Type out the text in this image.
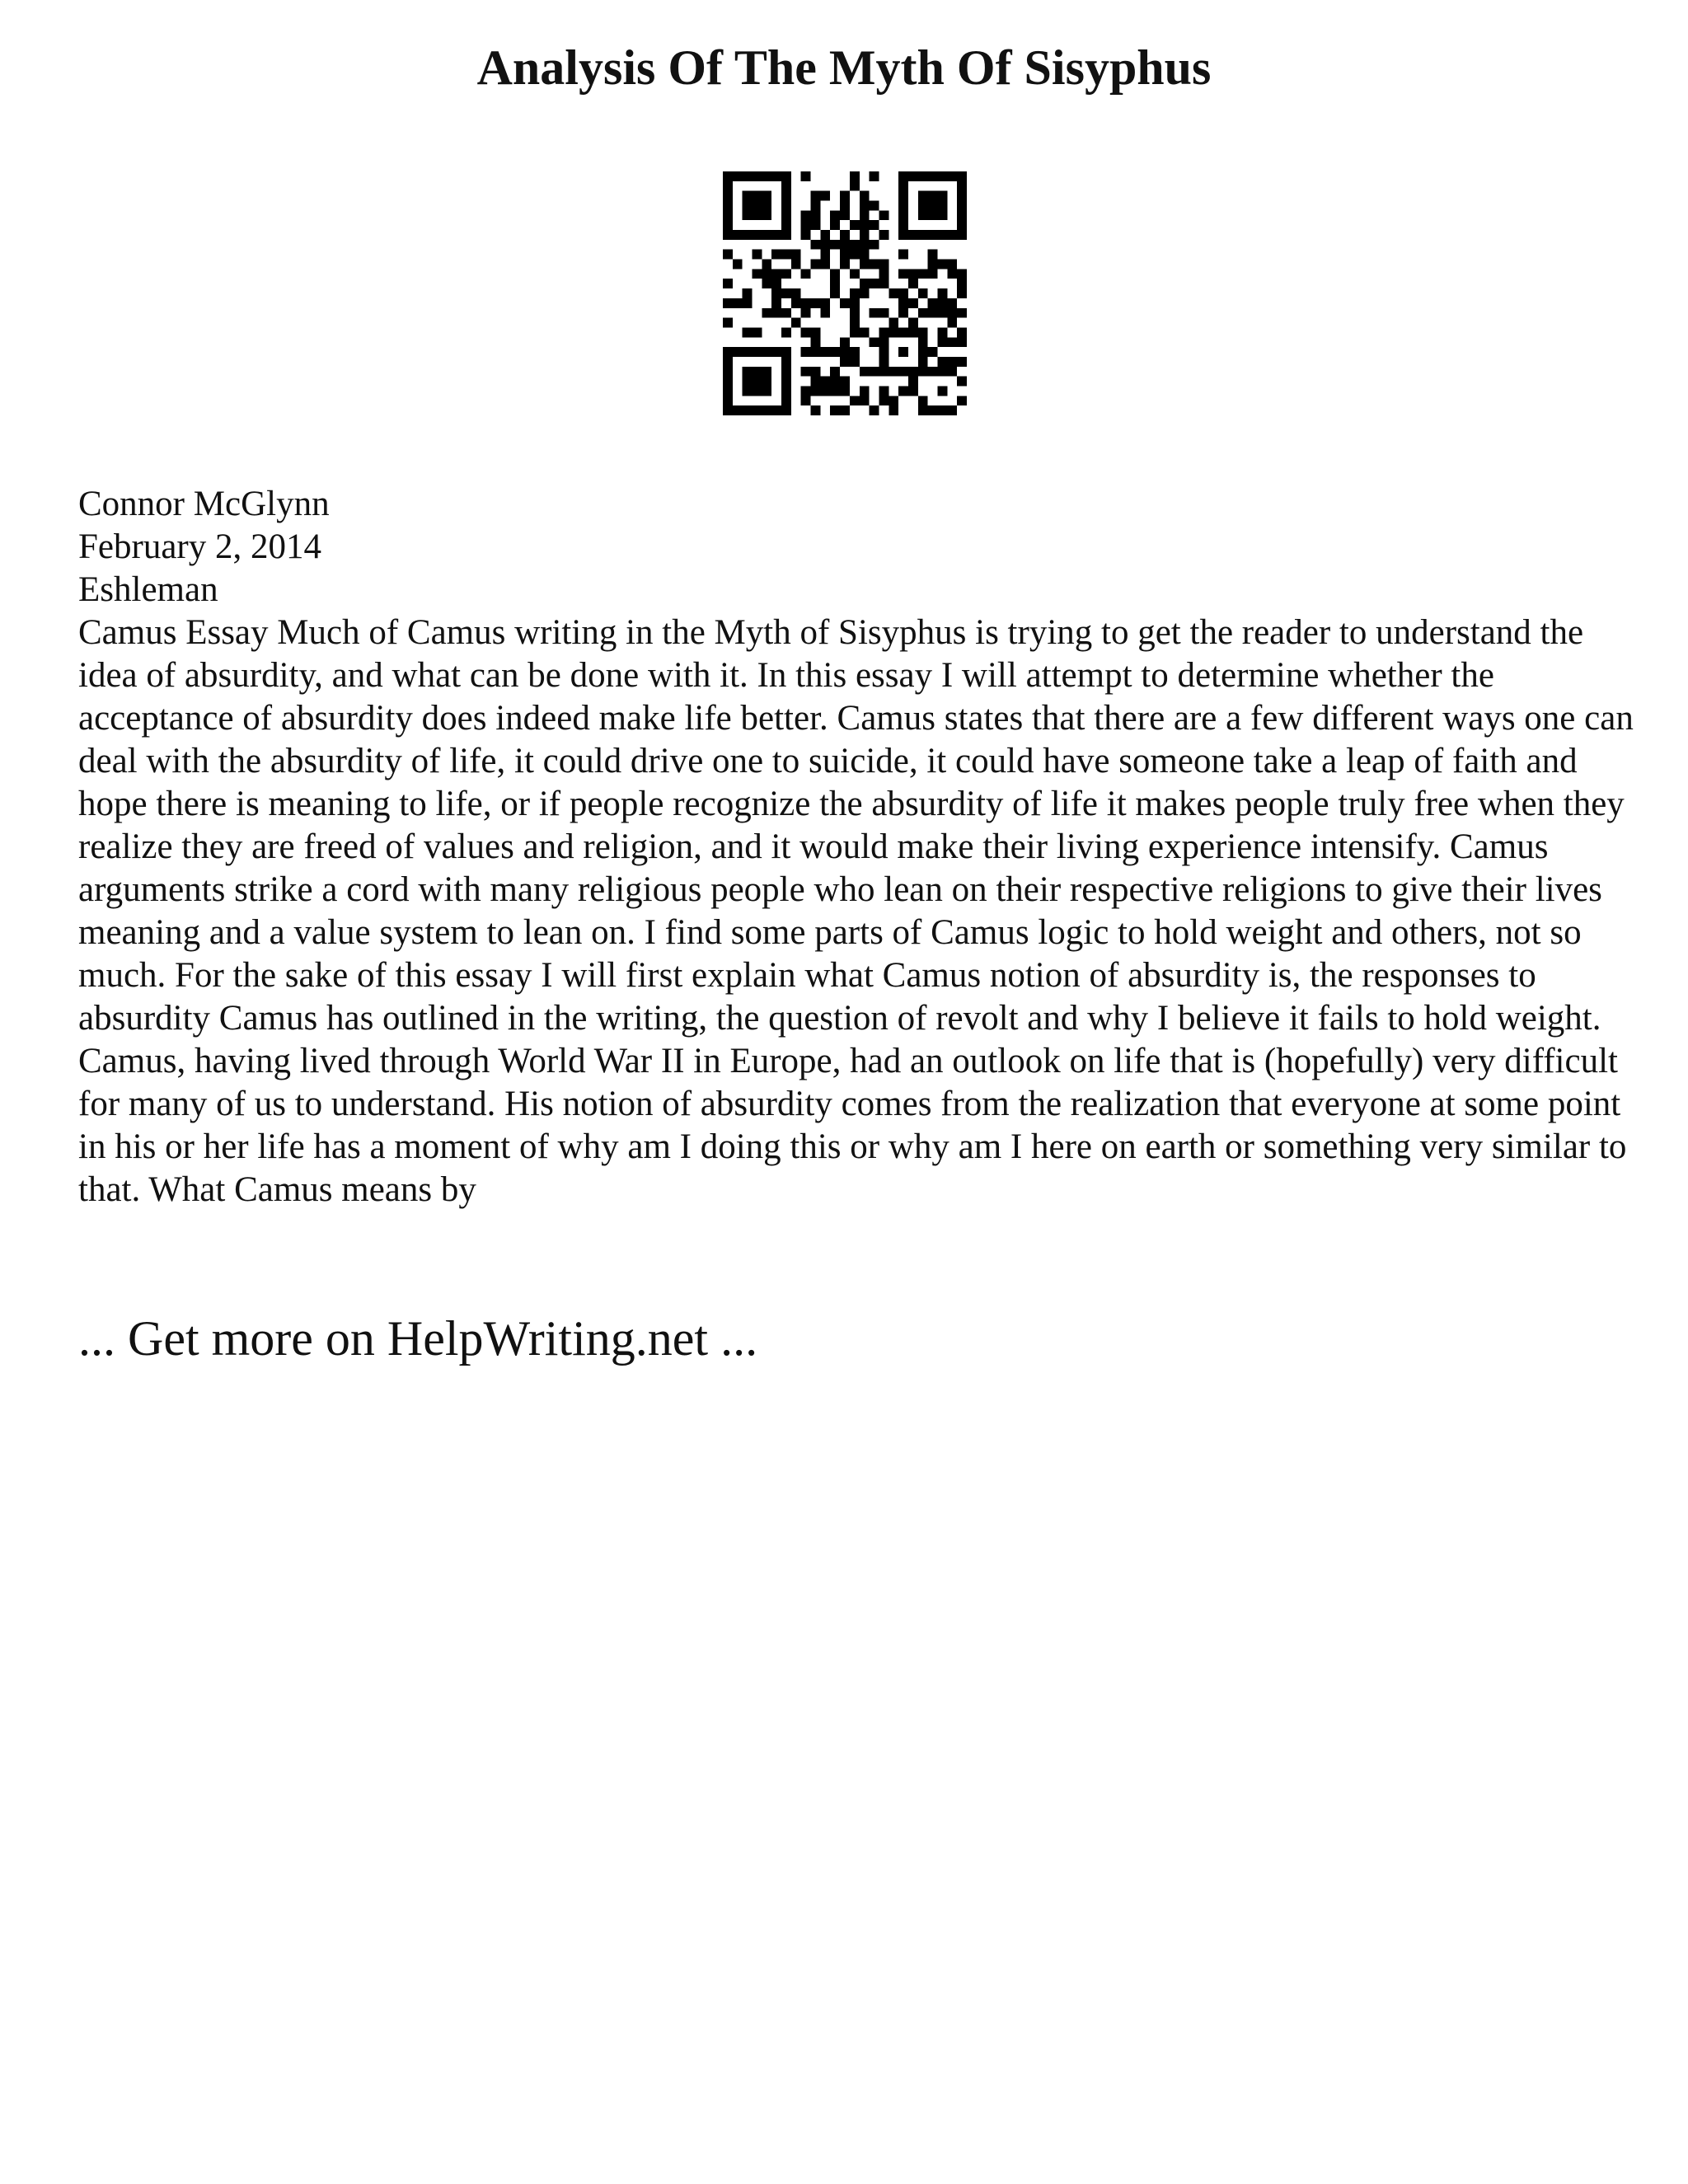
Analysis Of The Myth Of Sisyphus
Connor McGlynn
February 2, 2014
Eshleman

Camus Essay Much of Camus writing in the Myth of Sisyphus is trying to get the reader to understand the idea of absurdity, and what can be done with it. In this essay I will attempt to determine whether the acceptance of absurdity does indeed make life better. Camus states that there are a few different ways one can deal with the absurdity of life, it could drive one to suicide, it could have someone take a leap of faith and hope there is meaning to life, or if people recognize the absurdity of life it makes people truly free when they realize they are freed of values and religion, and it would make their living experience intensify. Camus arguments strike a cord with many religious people who lean on their respective religions to give their lives meaning and a value system to lean on. I find some parts of Camus logic to hold weight and others, not so much. For the sake of this essay I will first explain what Camus notion of absurdity is, the responses to absurdity Camus has outlined in the writing, the question of revolt and why I believe it fails to hold weight. Camus, having lived through World War II in Europe, had an outlook on life that is (hopefully) very difficult for many of us to understand. His notion of absurdity comes from the realization that everyone at some point in his or her life has a moment of why am I doing this or why am I here on earth or something very similar to that. What Camus means by

... Get more on HelpWriting.net ...
